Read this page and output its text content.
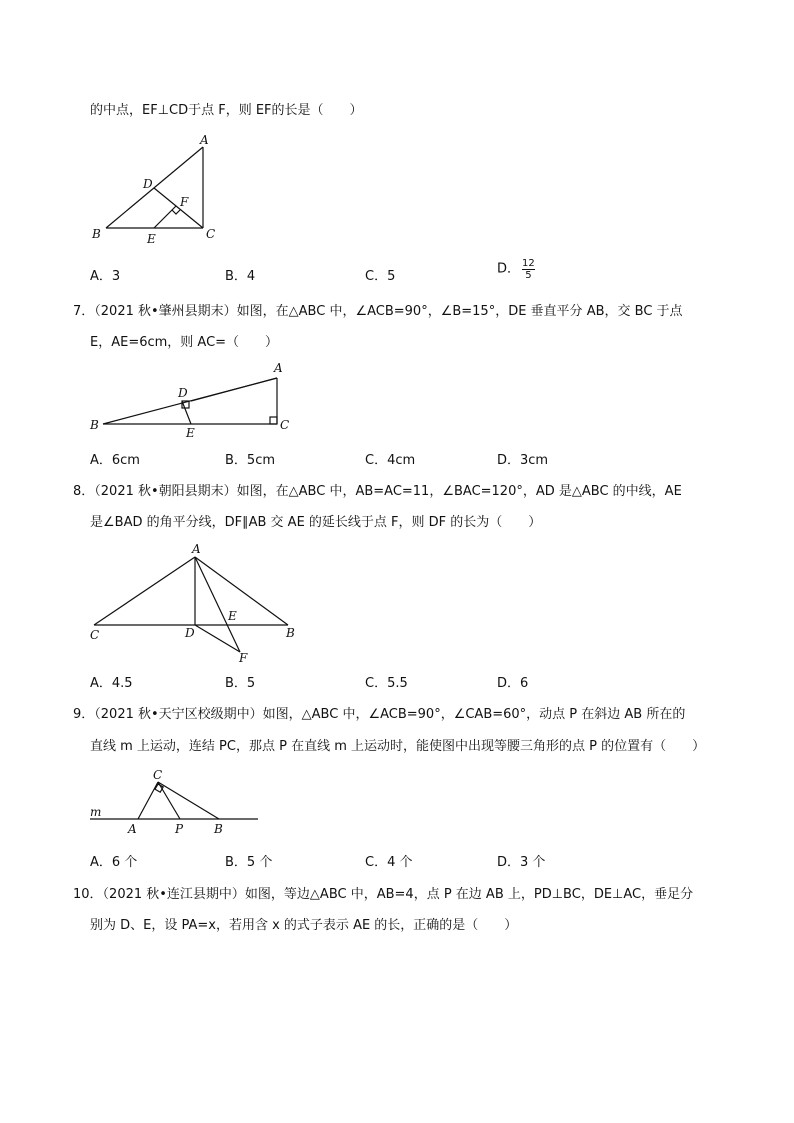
的中点，EF⊥CD于点 F，则 EF的长是（　　）
A
D
F
B	E	C
A．3	B．4	C．5	D． $\frac{12}{5}$
7．（2021 秋•肇州县期末）如图，在△ABC 中，∠ACB=90°，∠B=15°，DE 垂直平分 AB，交 BC 于点
E，AE=6cm，则 AC=（　　）
A
D
B
E
C
A．6cm	B．5cm	C．4cm	D．3cm
8．（2021 秋•朝阳县期末）如图，在△ABC 中，AB=AC=11，∠BAC=120°，AD 是△ABC 的中线，AE
是∠BAD 的角平分线，DF∥AB 交 AE 的延长线于点 F，则 DF 的长为（　　）
A
E
C	D	B
F
A．4.5	B．5	C．5.5	D．6
9．（2021 秋•天宁区校级期中）如图，△ABC 中，∠ACB=90°，∠CAB=60°，动点 P 在斜边 AB 所在的
直线 m 上运动，连结 PC，那点 P 在直线 m 上运动时，能使图中出现等腰三角形的点 P 的位置有（　　）
m
C
A	P	B
A．6 个	B．5 个	C．4 个	D．3 个
10．（2021 秋•连江县期中）如图，等边△ABC 中，AB=4，点 P 在边 AB 上，PD⊥BC，DE⊥AC，垂足分
别为 D、E，设 PA=x，若用含 x 的式子表示 AE 的长，正确的是（　　）
